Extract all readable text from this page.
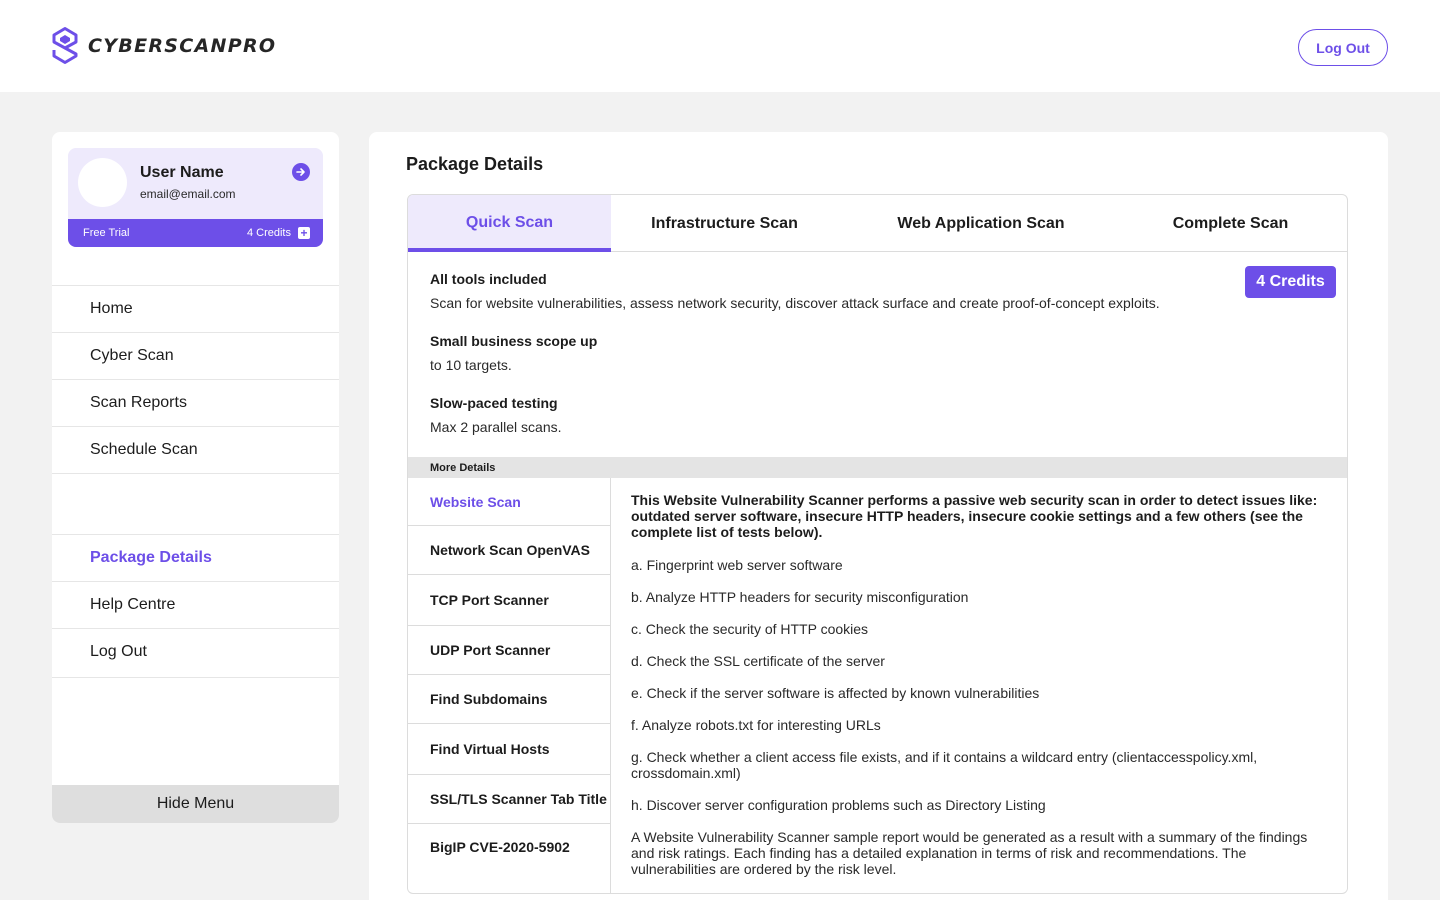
CYBERSCANPRO	Log Out
User Name
email@email.com
Free Trial	4 Credits +
Home
Cyber Scan
Scan Reports
Schedule Scan
Package Details
Help Centre
Log Out
Hide Menu
Package Details
Quick Scan	Infrastructure Scan	Web Application Scan	Complete Scan
All tools included
Scan for website vulnerabilities, assess network security, discover attack surface and create proof-of-concept exploits.
Small business scope up
to 10 targets.
Slow-paced testing
Max 2 parallel scans.
4 Credits
More Details
Website Scan
Network Scan OpenVAS
TCP Port Scanner
UDP Port Scanner
Find Subdomains
Find Virtual Hosts
SSL/TLS Scanner Tab Title
BigIP CVE-2020-5902
This Website Vulnerability Scanner performs a passive web security scan in order to detect issues like: outdated server software, insecure HTTP headers, insecure cookie settings and a few others (see the complete list of tests below).
a. Fingerprint web server software
b. Analyze HTTP headers for security misconfiguration
c. Check the security of HTTP cookies
d. Check the SSL certificate of the server
e. Check if the server software is affected by known vulnerabilities
f. Analyze robots.txt for interesting URLs
g. Check whether a client access file exists, and if it contains a wildcard entry (clientaccesspolicy.xml, crossdomain.xml)
h. Discover server configuration problems such as Directory Listing
A Website Vulnerability Scanner sample report would be generated as a result with a summary of the findings and risk ratings. Each finding has a detailed explanation in terms of risk and recommendations. The vulnerabilities are ordered by the risk level.
